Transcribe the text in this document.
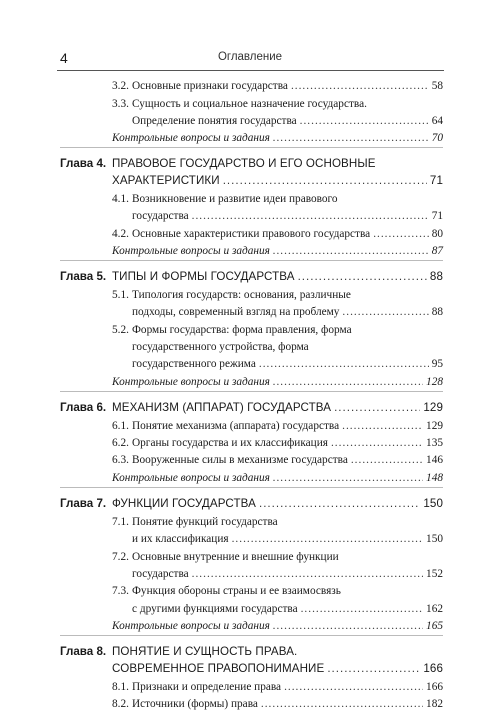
4	Оглавление
3.2. Основные признаки государства .....	58
3.3. Сущность и социальное назначение государства.
Определение понятия государства .....	64
Контрольные вопросы и задания .....	70
Глава 4. ПРАВОВОЕ ГОСУДАРСТВО И ЕГО ОСНОВНЫЕ
ХАРАКТЕРИСТИКИ .....	71
4.1. Возникновение и развитие идеи правового
государства .....	71
4.2. Основные характеристики правового государства .....	80
Контрольные вопросы и задания .....	87
Глава 5. ТИПЫ И ФОРМЫ ГОСУДАРСТВА .....	88
5.1. Типология государств: основания, различные
подходы, современный взгляд на проблему .....	88
5.2. Формы государства: форма правления, форма
государственного устройства, форма
государственного режима .....	95
Контрольные вопросы и задания .....	128
Глава 6. МЕХАНИЗМ (АППАРАТ) ГОСУДАРСТВА .....	129
6.1. Понятие механизма (аппарата) государства .....	129
6.2. Органы государства и их классификация .....	135
6.3. Вооруженные силы в механизме государства .....	146
Контрольные вопросы и задания .....	148
Глава 7. ФУНКЦИИ ГОСУДАРСТВА .....	150
7.1. Понятие функций государства
и их классификация .....	150
7.2. Основные внутренние и внешние функции
государства .....	152
7.3. Функция обороны страны и ее взаимосвязь
с другими функциями государства .....	162
Контрольные вопросы и задания .....	165
Глава 8. ПОНЯТИЕ И СУЩНОСТЬ ПРАВА.
СОВРЕМЕННОЕ ПРАВОПОНИМАНИЕ .....	166
8.1. Признаки и определение права .....	166
8.2. Источники (формы) права .....	182
